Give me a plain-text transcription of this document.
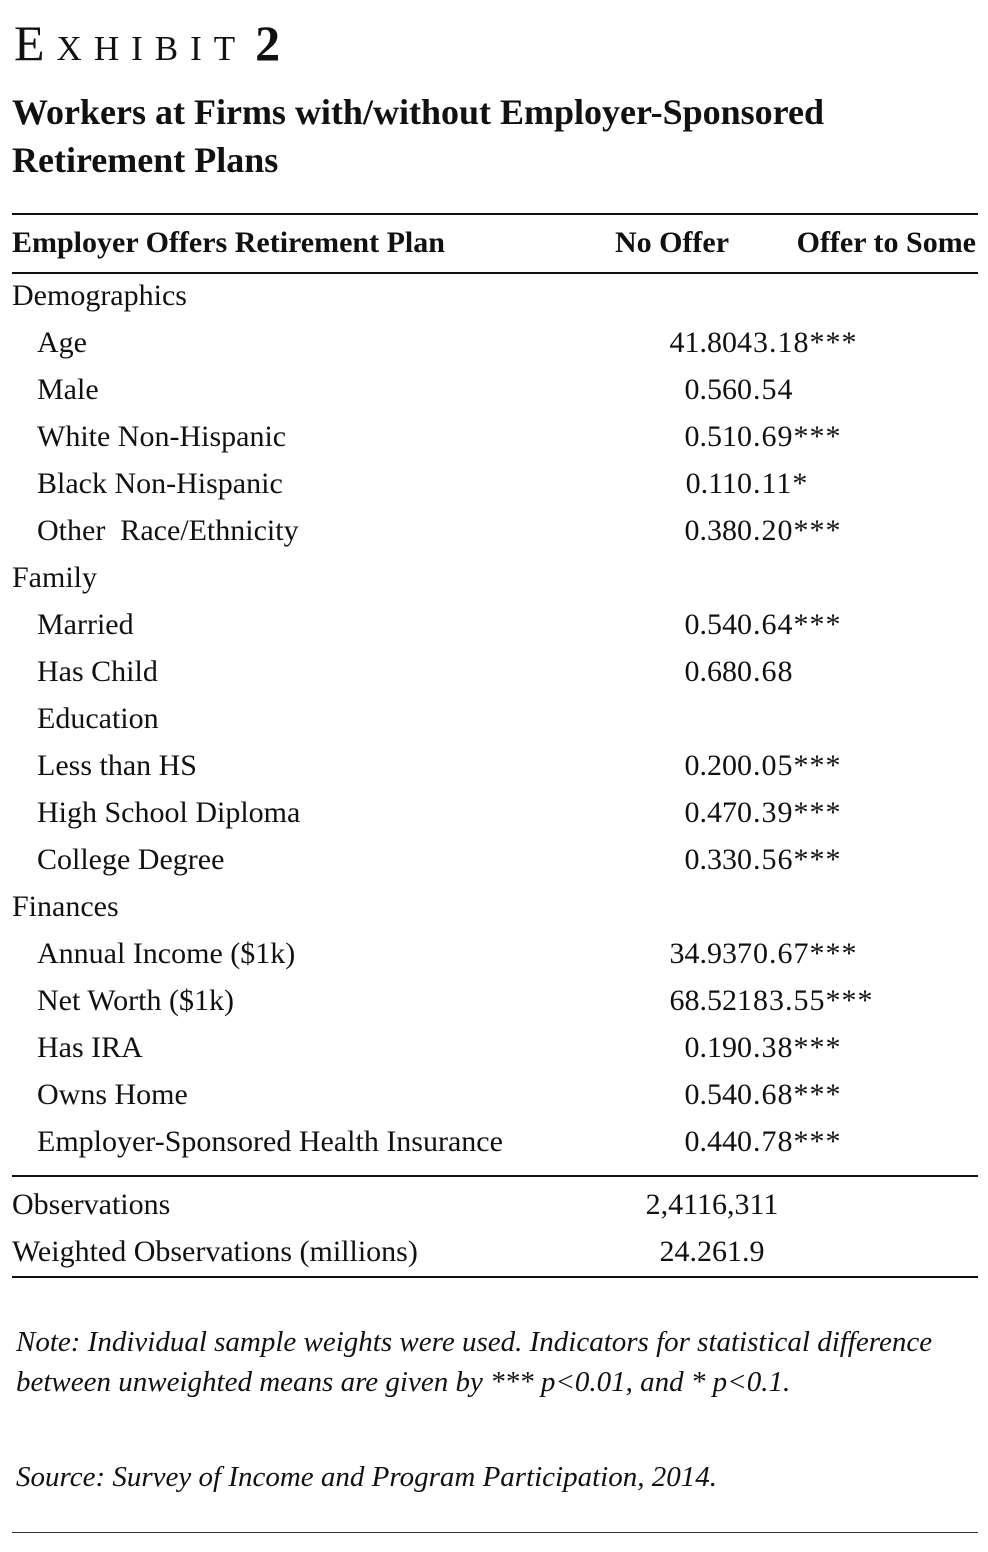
Exhibit 2
Workers at Firms with/without Employer-Sponsored Retirement Plans
Employer Offers Retirement Plan	No Offer	Offer to Some
Demographics		
Age	41.80	43.18***
Male	0.56	0.54
White Non-Hispanic	0.51	0.69***
Black Non-Hispanic	0.11	0.11*
Other  Race/Ethnicity	0.38	0.20***
Family		
Married	0.54	0.64***
Has Child	0.68	0.68
Education		
Less than HS	0.20	0.05***
High School Diploma	0.47	0.39***
College Degree	0.33	0.56***
Finances		
Annual Income ($1k)	34.93	70.67***
Net Worth ($1k)	68.52	183.55***
Has IRA	0.19	0.38***
Owns Home	0.54	0.68***
Employer-Sponsored Health Insurance	0.44	0.78***
Observations	2,411	6,311
Weighted Observations (millions)	24.2	61.9

Note: Individual sample weights were used. Indicators for statistical difference between unweighted means are given by *** p<0.01, and * p<0.1.

Source: Survey of Income and Program Participation, 2014.
